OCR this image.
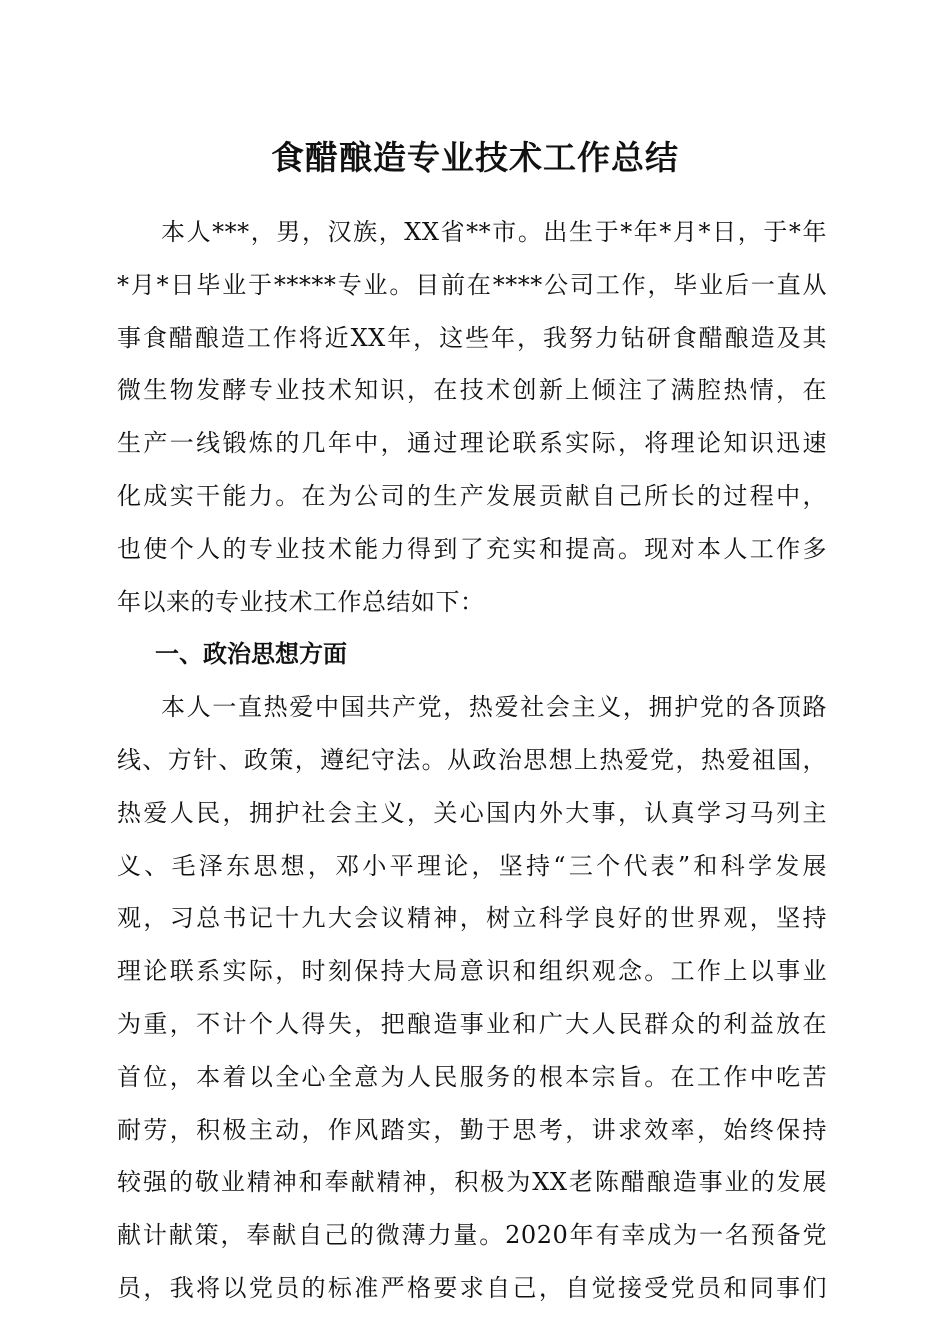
食醋酿造专业技术工作总结
本人***，男，汉族，XX省**市。出生于*年*月*日，于*年
*月*日毕业于*****专业。目前在****公司工作，毕业后一直从
事食醋酿造工作将近XX年，这些年，我努力钻研食醋酿造及其
微生物发酵专业技术知识，在技术创新上倾注了满腔热情，在
生产一线锻炼的几年中，通过理论联系实际，将理论知识迅速
化成实干能力。在为公司的生产发展贡献自己所长的过程中，
也使个人的专业技术能力得到了充实和提高。现对本人工作多
年以来的专业技术工作总结如下：
一、政治思想方面
本人一直热爱中国共产党，热爱社会主义，拥护党的各顶路
线、方针、政策，遵纪守法。从政治思想上热爱党，热爱祖国，
热爱人民，拥护社会主义，关心国内外大事，认真学习马列主
义、毛泽东思想，邓小平理论，坚持“三个代表”和科学发展
观，习总书记十九大会议精神，树立科学良好的世界观，坚持
理论联系实际，时刻保持大局意识和组织观念。工作上以事业
为重，不计个人得失，把酿造事业和广大人民群众的利益放在
首位，本着以全心全意为人民服务的根本宗旨。在工作中吃苦
耐劳，积极主动，作风踏实，勤于思考，讲求效率，始终保持
较强的敬业精神和奉献精神，积极为XX老陈醋酿造事业的发展
献计献策，奉献自己的微薄力量。2020年有幸成为一名预备党
员，我将以党员的标准严格要求自己，自觉接受党员和同事们
